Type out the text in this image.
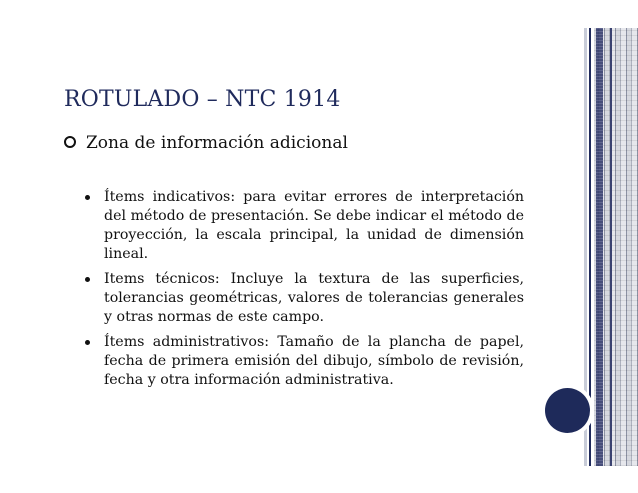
ROTULADO – NTC 1914
Zona de información adicional
Ítems indicativos: para evitar errores de interpretación del método de presentación. Se debe indicar el método de proyección, la escala principal, la unidad de dimensión lineal.
Items técnicos: Incluye la textura de las superficies, tolerancias geométricas, valores de tolerancias generales y otras normas de este campo.
Ítems administrativos: Tamaño de la plancha de papel, fecha de primera emisión del dibujo, símbolo de revisión, fecha y otra información administrativa.
